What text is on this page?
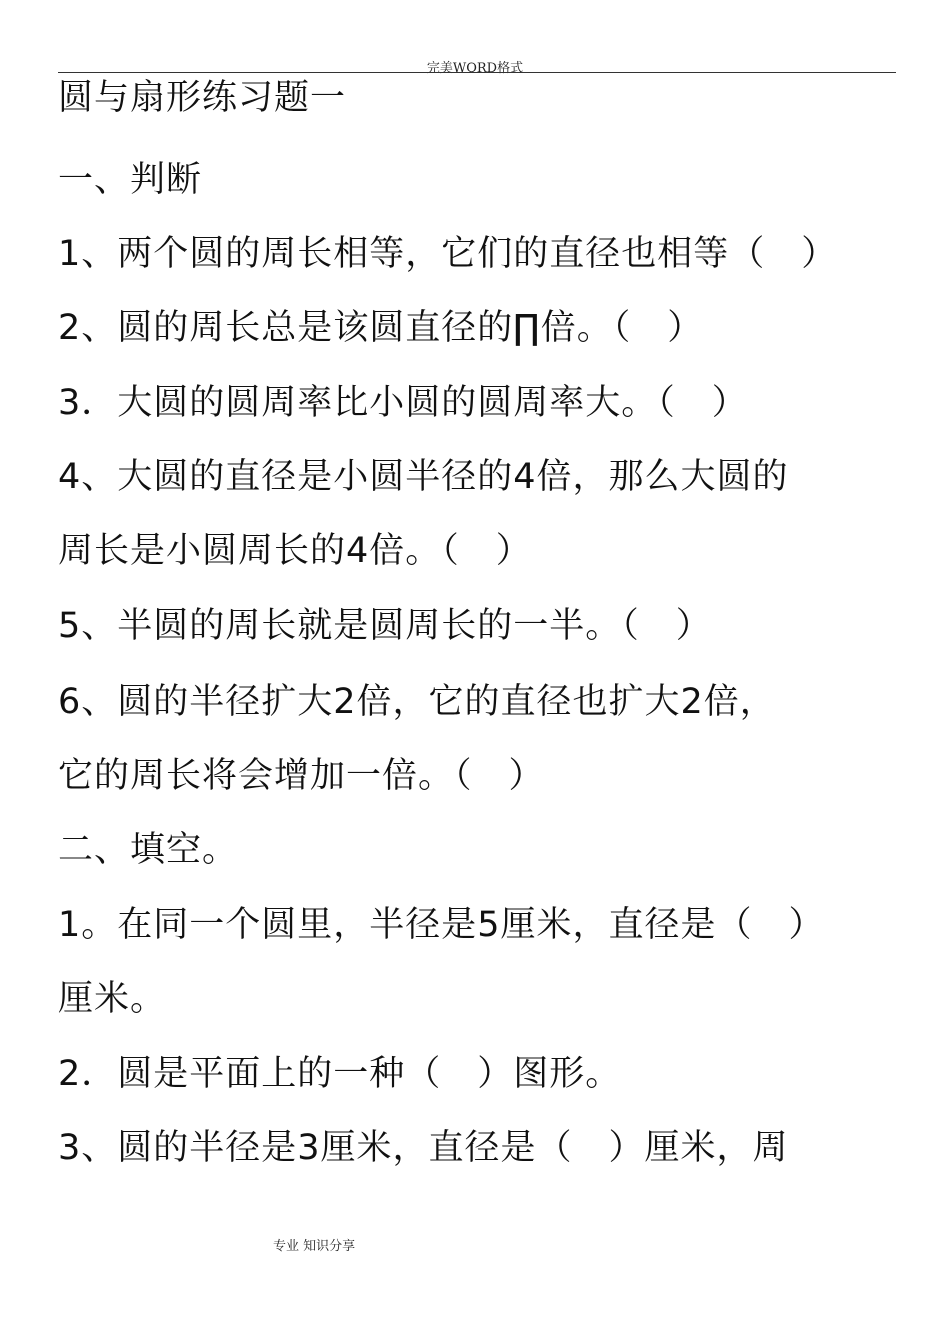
完美WORD格式
圆与扇形练习题一
一、判断
1、两个圆的周长相等，它们的直径也相等（　）
2、圆的周长总是该圆直径的∏倍。（　）
3．大圆的圆周率比小圆的圆周率大。（　）
4、大圆的直径是小圆半径的4倍，那么大圆的
周长是小圆周长的4倍。（　）
5、半圆的周长就是圆周长的一半。（　）
6、圆的半径扩大2倍，它的直径也扩大2倍，
它的周长将会增加一倍。（　）
二、填空。
1。在同一个圆里，半径是5厘米，直径是（　）
厘米。
2．圆是平面上的一种（　）图形。
3、圆的半径是3厘米，直径是（　）厘米，周
专业 知识分享
